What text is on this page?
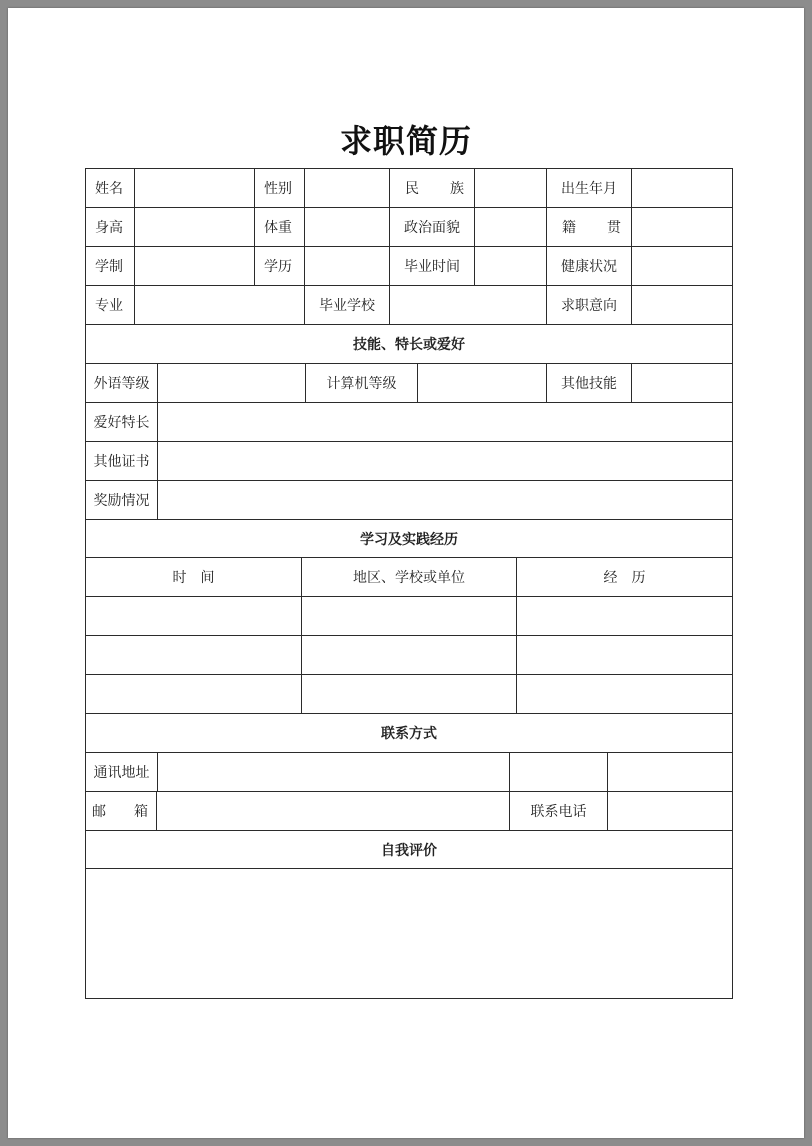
求职简历
姓名	性别	民 族	出生年月
身高	体重	政治面貌	籍 贯
学制	学历	毕业时间	健康状况
专业	毕业学校	求职意向
技能、特长或爱好
外语等级	计算机等级	其他技能
爱好特长
其他证书
奖励情况
学习及实践经历
时　间	地区、学校或单位	经　历
联系方式
通讯地址
邮 箱	联系电话
自我评价
